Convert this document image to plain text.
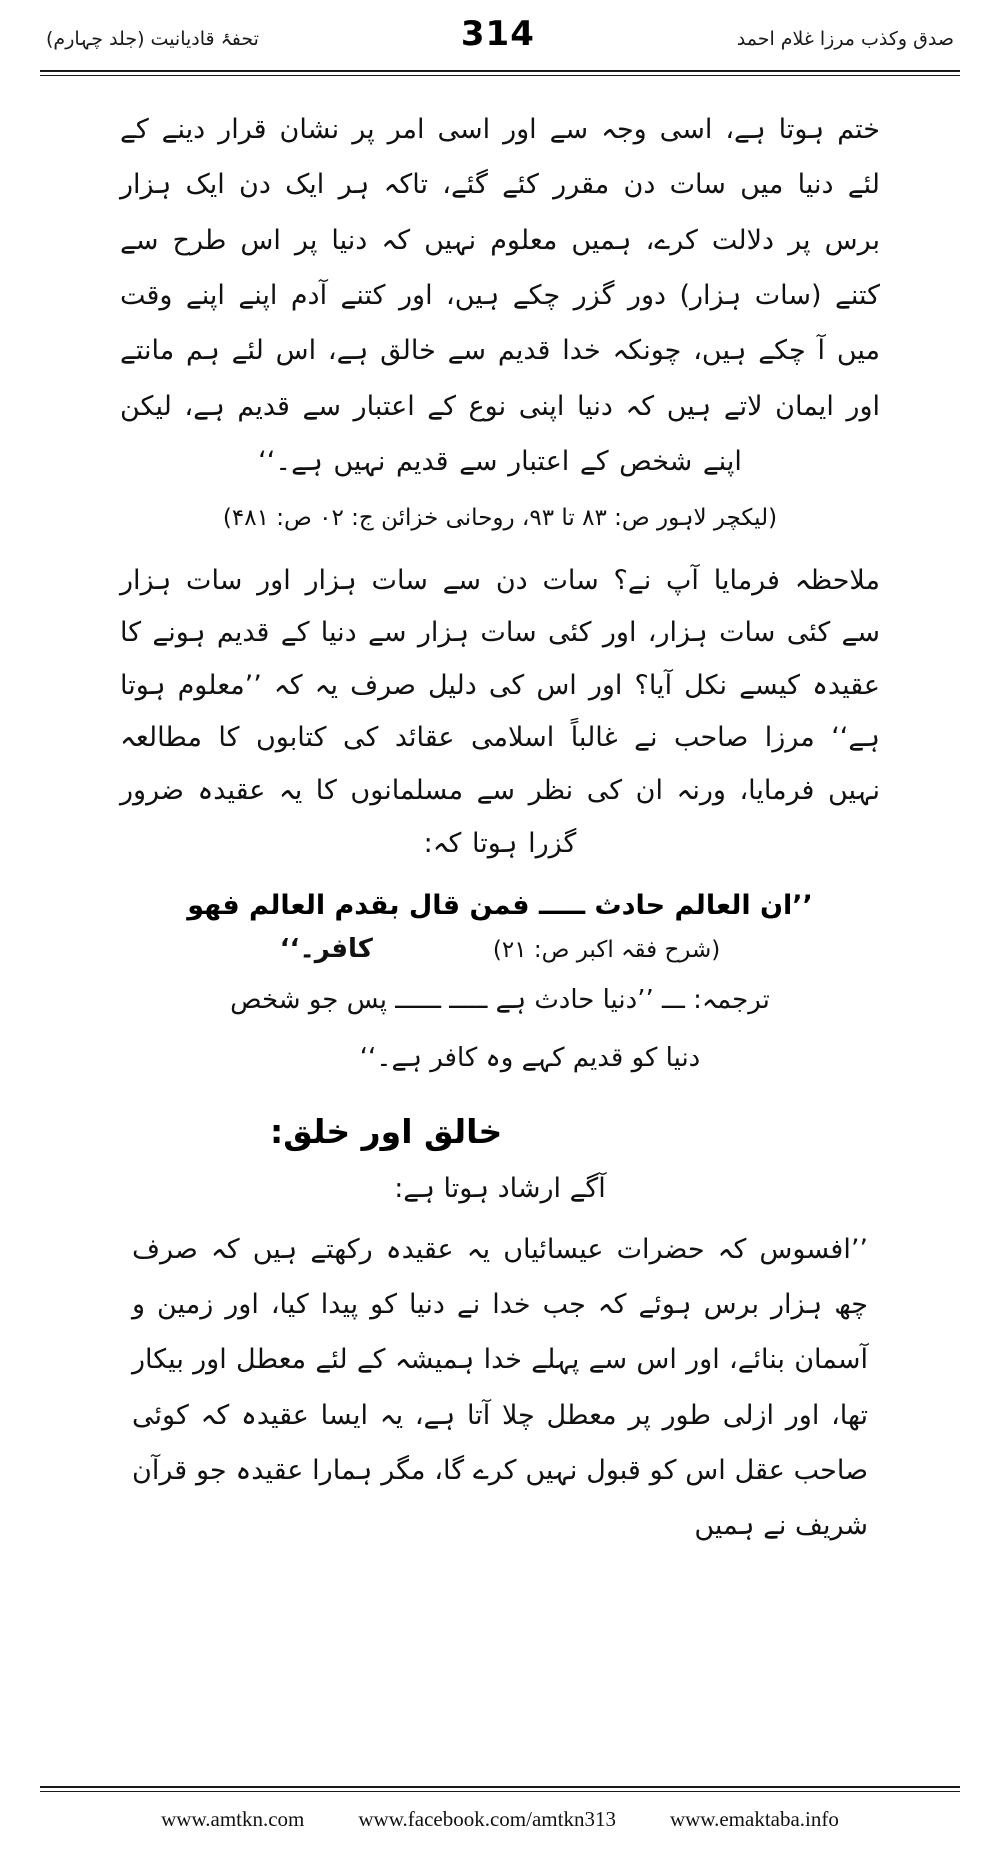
تحفۂ قادیانیت (جلد چہارم)	314	صدق وکذب مرزا غلام احمد

ختم ہوتا ہے، اسی وجہ سے اور اسی امر پر نشان قرار دینے کے لئے دنیا میں سات دن مقرر کئے گئے، تاکہ ہر ایک دن ایک ہزار برس پر دلالت کرے، ہمیں معلوم نہیں کہ دنیا پر اس طرح سے کتنے (سات ہزار) دور گزر چکے ہیں، اور کتنے آدم اپنے اپنے وقت میں آ چکے ہیں، چونکہ خدا قدیم سے خالق ہے، اس لئے ہم مانتے اور ایمان لاتے ہیں کہ دنیا اپنی نوع کے اعتبار سے قدیم ہے، لیکن اپنے شخص کے اعتبار سے قدیم نہیں ہے۔‘‘

(لیکچر لاہور ص: ۸۳ تا ۹۳، روحانی خزائن ج: ۰۲ ص: ۴۸۱)

ملاحظہ فرمایا آپ نے؟ سات دن سے سات ہزار اور سات ہزار سے کئی سات ہزار، اور کئی سات ہزار سے دنیا کے قدیم ہونے کا عقیدہ کیسے نکل آیا؟ اور اس کی دلیل صرف یہ کہ ’’معلوم ہوتا ہے‘‘ مرزا صاحب نے غالباً اسلامی عقائد کی کتابوں کا مطالعہ نہیں فرمایا، ورنہ ان کی نظر سے مسلمانوں کا یہ عقیدہ ضرور گزرا ہوتا کہ:

’’ان العالم حادث ـــــ فمن قال بقدم العالم فھو
(شرح فقہ اکبر ص: ۲۱)
کافر۔‘‘
ترجمہ: ـــ ’’دنیا حادث ہے ـــــ ــــــ پس جو شخص
دنیا کو قدیم کہے وہ کافر ہے۔‘‘
خالق اور خلق:
آگے ارشاد ہوتا ہے:

’’افسوس کہ حضرات عیسائیاں یہ عقیدہ رکھتے ہیں کہ صرف چھ ہزار برس ہوئے کہ جب خدا نے دنیا کو پیدا کیا، اور زمین و آسمان بنائے، اور اس سے پہلے خدا ہمیشہ کے لئے معطل اور بیکار تھا، اور ازلی طور پر معطل چلا آتا ہے، یہ ایسا عقیدہ کہ کوئی صاحب عقل اس کو قبول نہیں کرے گا، مگر ہمارا عقیدہ جو قرآن شریف نے ہمیں

www.amtkn.com	www.facebook.com/amtkn313	www.emaktaba.info
